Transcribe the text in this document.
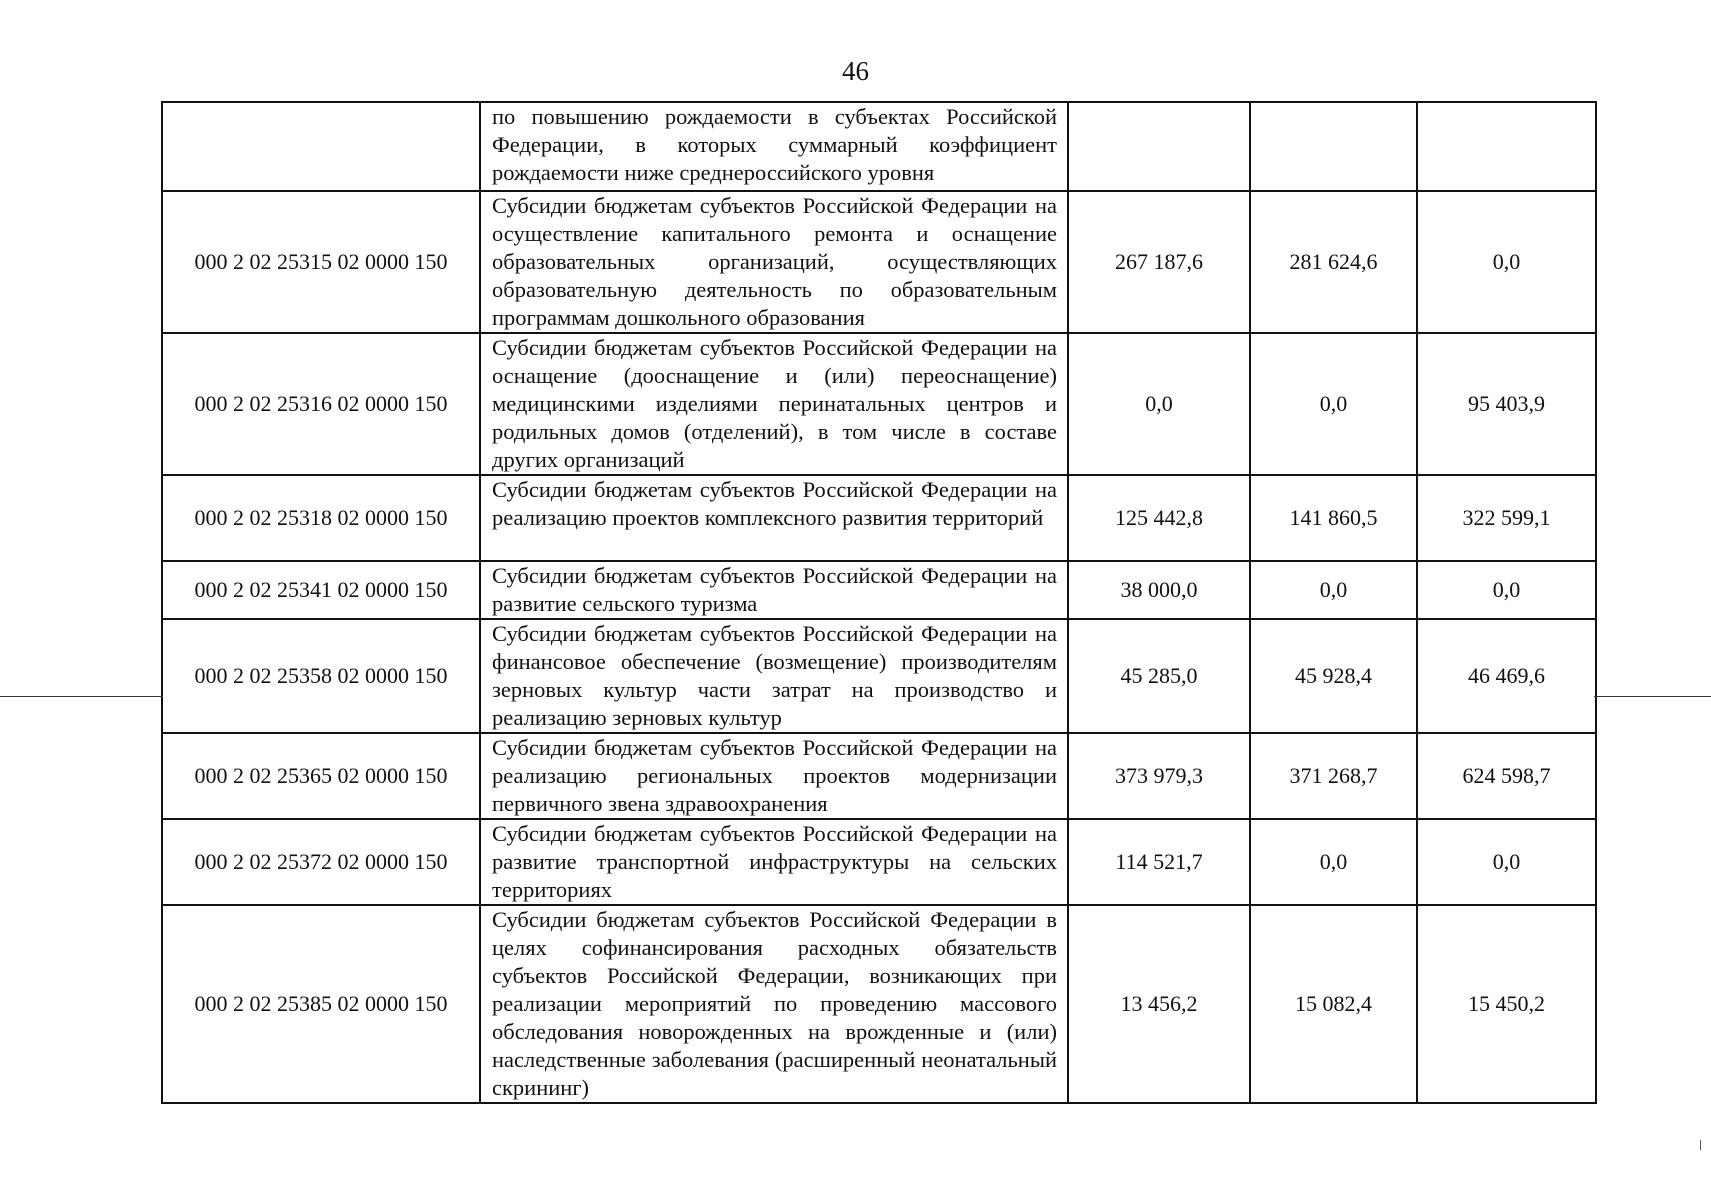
46
	по повышению рождаемости в субъектах Российской Федерации, в которых суммарный коэффициент рождаемости ниже среднероссийского уровня			
000 2 02 25315 02 0000 150	Субсидии бюджетам субъектов Российской Федерации на осуществление капитального ремонта и оснащение образовательных организаций, осуществляющих образовательную деятельность по образовательным программам дошкольного образования	267 187,6	281 624,6	0,0
000 2 02 25316 02 0000 150	Субсидии бюджетам субъектов Российской Федерации на оснащение (дооснащение и (или) переоснащение) медицинскими изделиями перинатальных центров и родильных домов (отделений), в том числе в составе других организаций	0,0	0,0	95 403,9
000 2 02 25318 02 0000 150	Субсидии бюджетам субъектов Российской Федерации на реализацию проектов комплексного развития территорий	125 442,8	141 860,5	322 599,1
000 2 02 25341 02 0000 150	Субсидии бюджетам субъектов Российской Федерации на развитие сельского туризма	38 000,0	0,0	0,0
000 2 02 25358 02 0000 150	Субсидии бюджетам субъектов Российской Федерации на финансовое обеспечение (возмещение) производителям зерновых культур части затрат на производство и реализацию зерновых культур	45 285,0	45 928,4	46 469,6
000 2 02 25365 02 0000 150	Субсидии бюджетам субъектов Российской Федерации на реализацию региональных проектов модернизации первичного звена здравоохранения	373 979,3	371 268,7	624 598,7
000 2 02 25372 02 0000 150	Субсидии бюджетам субъектов Российской Федерации на развитие транспортной инфраструктуры на сельских территориях	114 521,7	0,0	0,0
000 2 02 25385 02 0000 150	Субсидии бюджетам субъектов Российской Федерации в целях софинансирования расходных обязательств субъектов Российской Федерации, возникающих при реализации мероприятий по проведению массового обследования новорожденных на врожденные и (или) наследственные заболевания (расширенный неонатальный скрининг)	13 456,2	15 082,4	15 450,2
